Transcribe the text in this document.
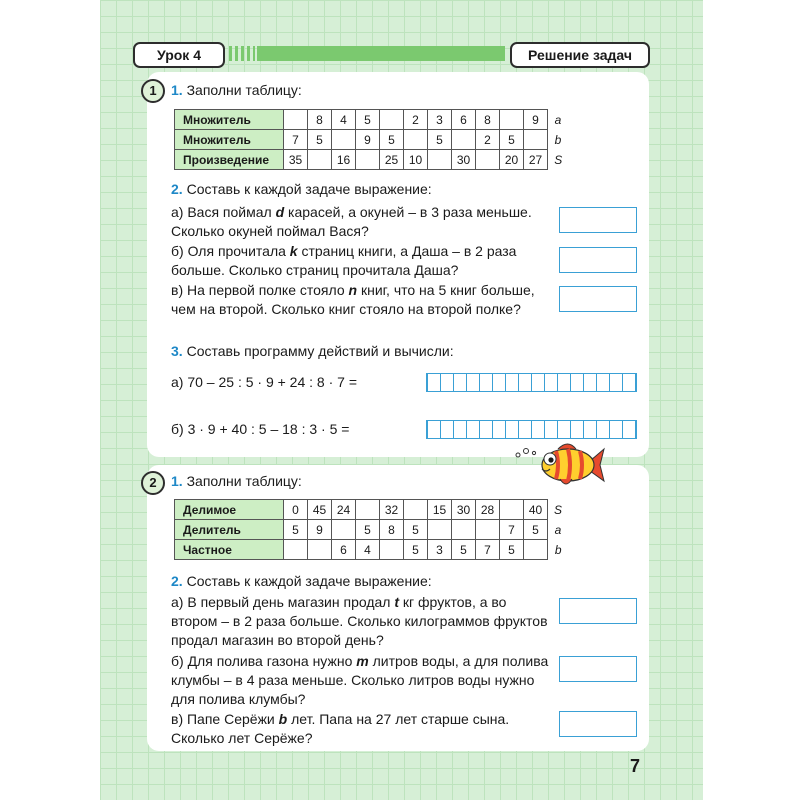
Урок 4	Решение задач
1	1. Заполни таблицу:
Множитель		8	4	5		2	3	6	8		9	a
Множитель	7	5		9	5		5		2	5		b
Произведение	35		16		25	10		30		20	27	S
2. Составь к каждой задаче выражение:
а) Вася поймал d карасей, а окуней – в 3 раза меньше. Сколько окуней поймал Вася?
б) Оля прочитала k страниц книги, а Даша – в 2 раза больше. Сколько страниц прочитала Даша?
в) На первой полке стояло n книг, что на 5 книг больше, чем на второй. Сколько книг стояло на второй полке?
3. Составь программу действий и вычисли:
а) 70 – 25 : 5 · 9 + 24 : 8 · 7 =
б) 3 · 9 + 40 : 5 – 18 : 3 · 5 =
2	1. Заполни таблицу:
Делимое	0	45	24		32		15	30	28		40	S
Делитель	5	9		5	8	5				7	5	a
Частное			6	4		5	3	5	7	5		b
2. Составь к каждой задаче выражение:
а) В первый день магазин продал t кг фруктов, а во втором – в 2 раза больше. Сколько килограммов фруктов продал магазин во второй день?
б) Для полива газона нужно m литров воды, а для полива клумбы – в 4 раза меньше. Сколько литров воды нужно для полива клумбы?
в) Папе Серёжи b лет. Папа на 27 лет старше сына. Сколько лет Серёже?
7
